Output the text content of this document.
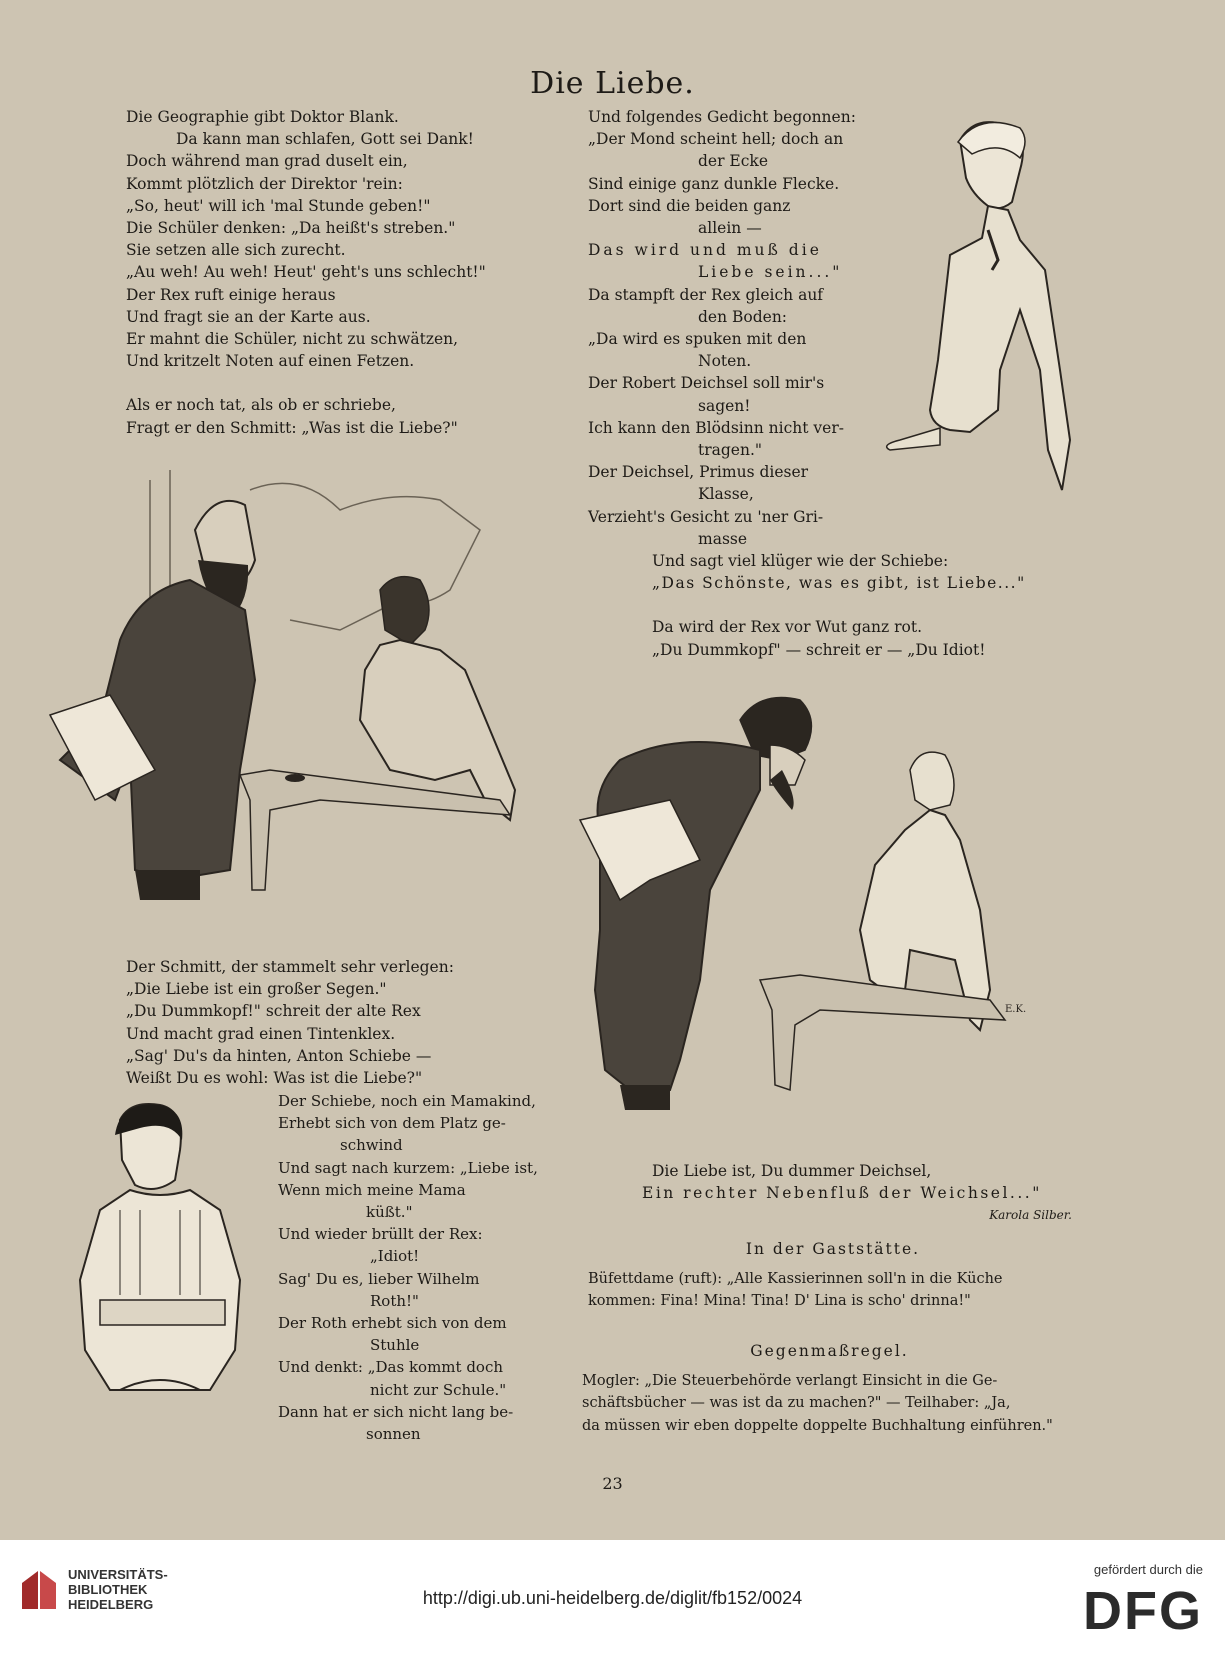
Die Liebe.
Die Geographie gibt Doktor Blank.
Da kann man schlafen, Gott sei Dank!
Doch während man grad duselt ein,
Kommt plötzlich der Direktor 'rein:
„So, heut' will ich 'mal Stunde geben!"
Die Schüler denken: „Da heißt's streben."
Sie setzen alle sich zurecht.
„Au weh! Au weh! Heut' geht's uns schlecht!"
Der Rex ruft einige heraus
Und fragt sie an der Karte aus.
Er mahnt die Schüler, nicht zu schwätzen,
Und kritzelt Noten auf einen Fetzen.
Als er noch tat, als ob er schriebe,
Fragt er den Schmitt: „Was ist die Liebe?"
Und folgendes Gedicht begonnen:
„Der Mond scheint hell; doch an
der Ecke
Sind einige ganz dunkle Flecke.
Dort sind die beiden ganz
allein —
Das wird und muß die
Liebe sein..."
Da stampft der Rex gleich auf
den Boden:
„Da wird es spuken mit den
Noten.
Der Robert Deichsel soll mir's
sagen!
Ich kann den Blödsinn nicht ver-
tragen."
Der Deichsel, Primus dieser
Klasse,
Verzieht's Gesicht zu 'ner Gri-
masse
Und sagt viel klüger wie der Schiebe:
„Das Schönste, was es gibt, ist Liebe..."
Da wird der Rex vor Wut ganz rot.
„Du Dummkopf" — schreit er — „Du Idiot!
Der Schmitt, der stammelt sehr verlegen:
„Die Liebe ist ein großer Segen."
„Du Dummkopf!" schreit der alte Rex
Und macht grad einen Tintenklex.
„Sag' Du's da hinten, Anton Schiebe —
Weißt Du es wohl: Was ist die Liebe?"
Der Schiebe, noch ein Mamakind,
Erhebt sich von dem Platz ge-
schwind
Und sagt nach kurzem: „Liebe ist,
Wenn mich meine Mama
küßt."
Und wieder brüllt der Rex:
„Idiot!
Sag' Du es, lieber Wilhelm
Roth!"
Der Roth erhebt sich von dem
Stuhle
Und denkt: „Das kommt doch
nicht zur Schule."
Dann hat er sich nicht lang be-
sonnen
Die Liebe ist, Du dummer Deichsel,
Ein rechter Nebenfluß der Weichsel..."
Karola Silber.
In der Gaststätte.
Büfettdame (ruft): „Alle Kassierinnen soll'n in die Küche
kommen: Fina! Mina! Tina! D' Lina is scho' drinna!"
Gegenmaßregel.
Mogler: „Die Steuerbehörde verlangt Einsicht in die Ge-
schäftsbücher — was ist da zu machen?" — Teilhaber: „Ja,
da müssen wir eben doppelte doppelte Buchhaltung einführen."
23
E.K.
UNIVERSITÄTS-
BIBLIOTHEK
HEIDELBERG	http://digi.ub.uni-heidelberg.de/diglit/fb152/0024
gefördert durch die
DFG
